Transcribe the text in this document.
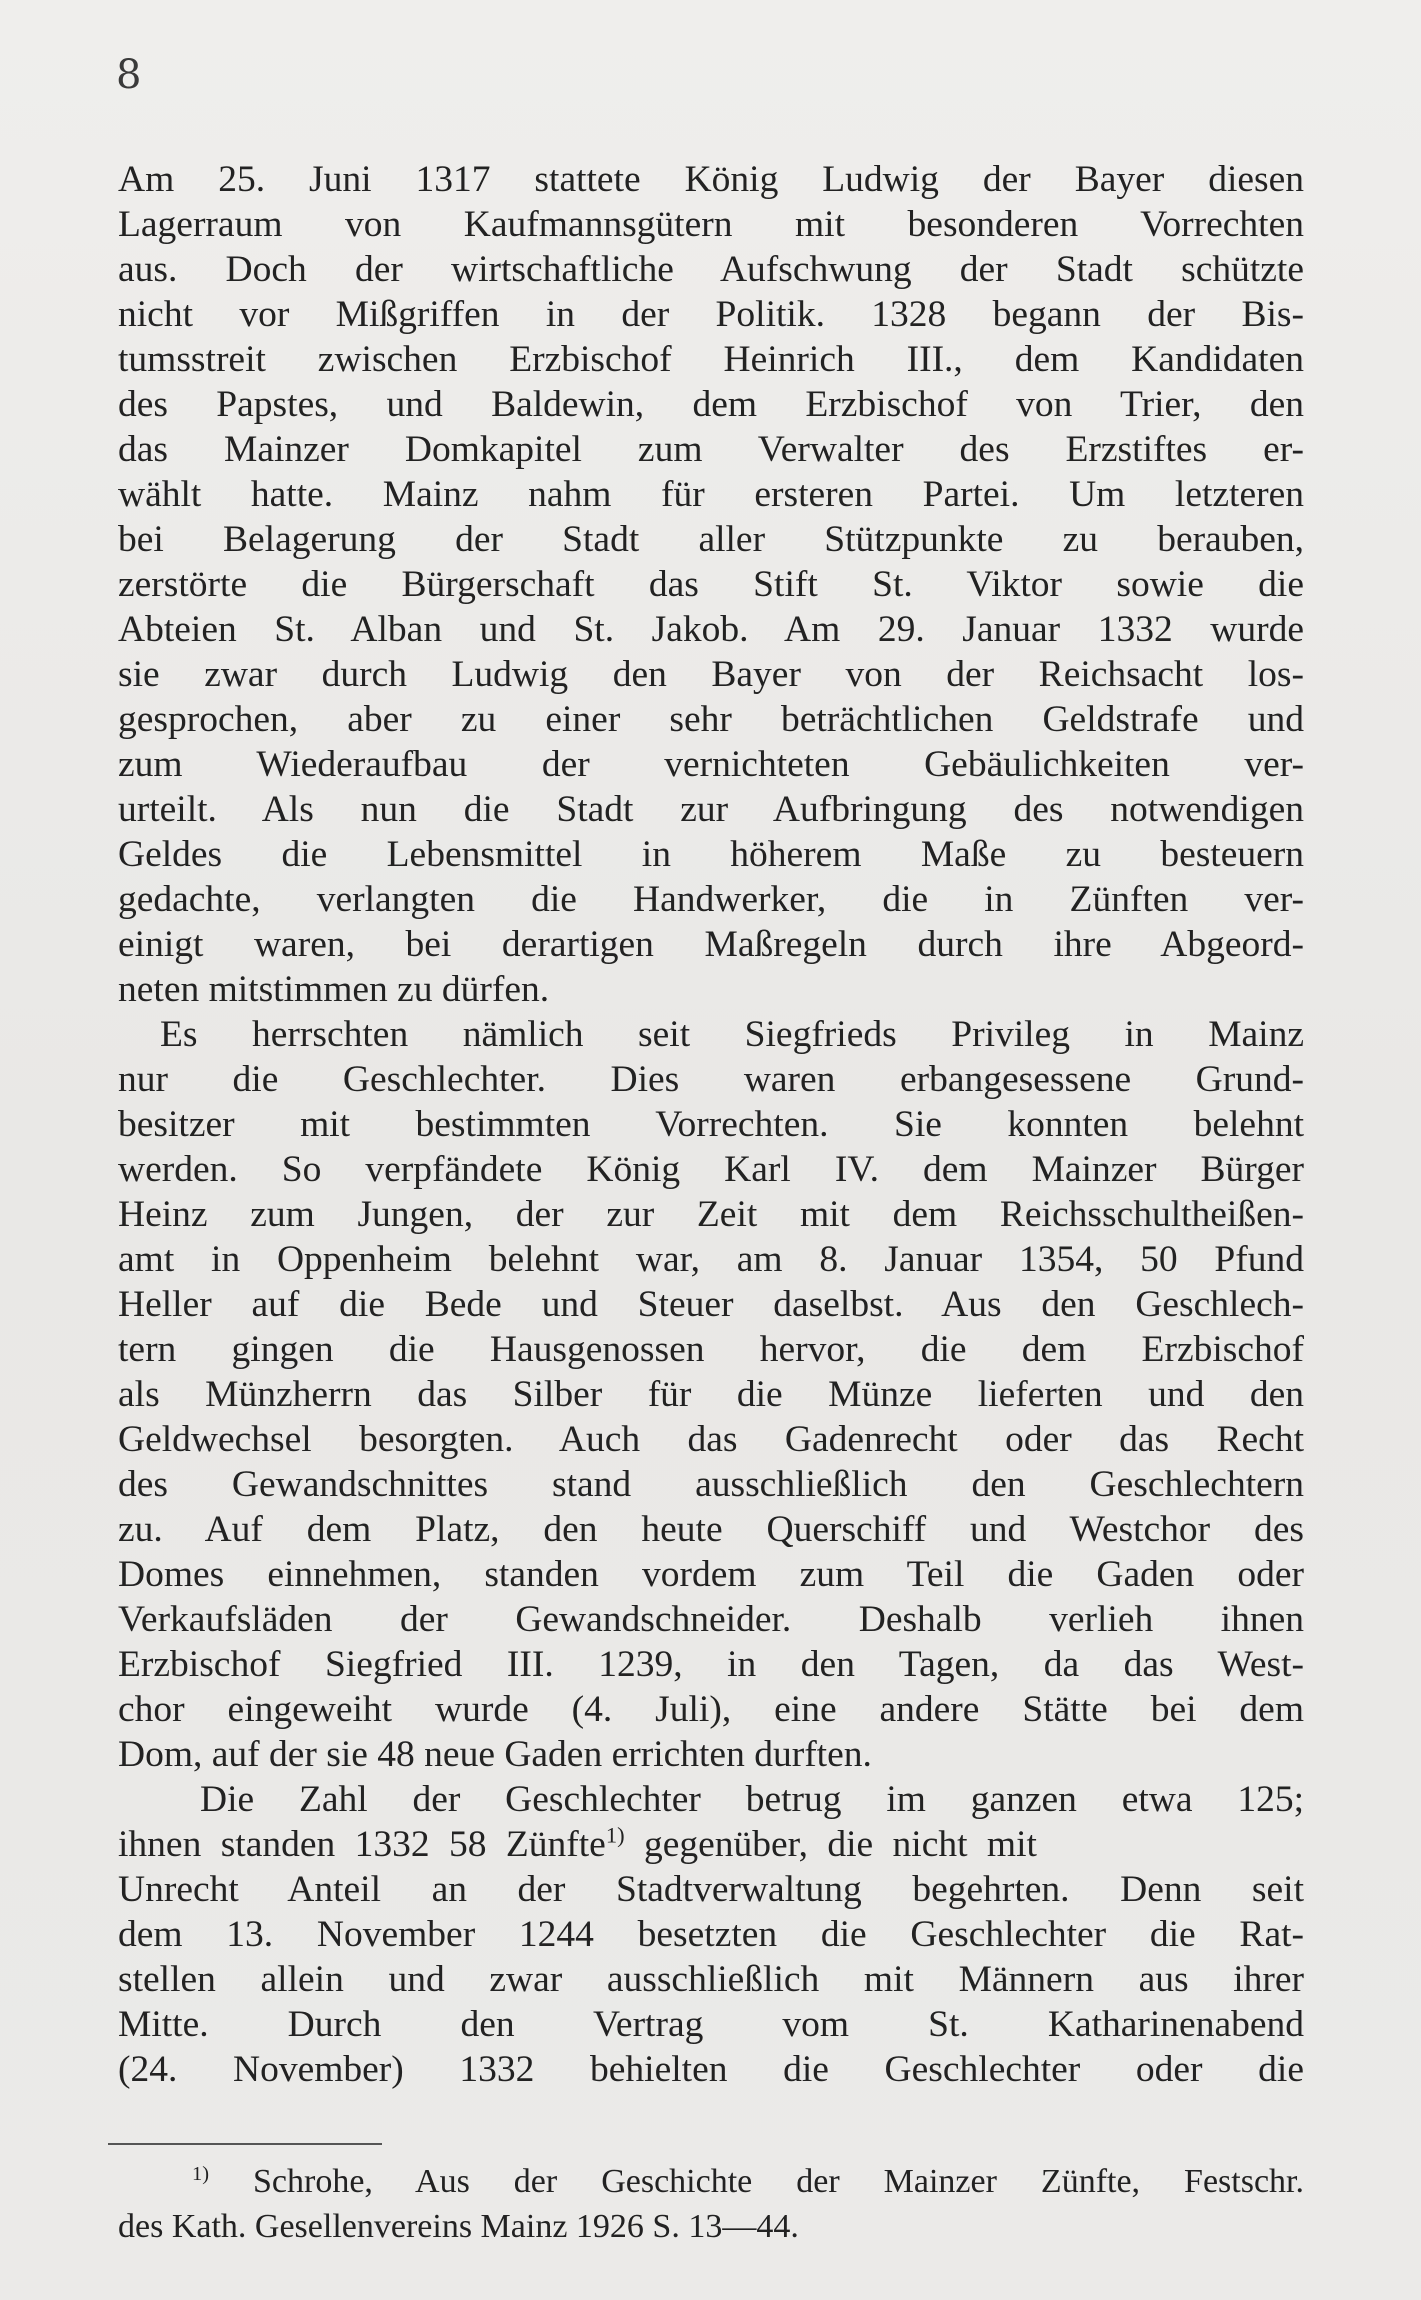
8
Am 25. Juni 1317 stattete König Ludwig der Bayer diesen
Lagerraum von Kaufmannsgütern mit besonderen Vorrechten
aus. Doch der wirtschaftliche Aufschwung der Stadt schützte
nicht vor Mißgriffen in der Politik. 1328 begann der Bis-
tumsstreit zwischen Erzbischof Heinrich III., dem Kandidaten
des Papstes, und Baldewin, dem Erzbischof von Trier, den
das Mainzer Domkapitel zum Verwalter des Erzstiftes er-
wählt hatte. Mainz nahm für ersteren Partei. Um letzteren
bei Belagerung der Stadt aller Stützpunkte zu berauben,
zerstörte die Bürgerschaft das Stift St. Viktor sowie die
Abteien St. Alban und St. Jakob. Am 29. Januar 1332 wurde
sie zwar durch Ludwig den Bayer von der Reichsacht los-
gesprochen, aber zu einer sehr beträchtlichen Geldstrafe und
zum Wiederaufbau der vernichteten Gebäulichkeiten ver-
urteilt. Als nun die Stadt zur Aufbringung des notwendigen
Geldes die Lebensmittel in höherem Maße zu besteuern
gedachte, verlangten die Handwerker, die in Zünften ver-
einigt waren, bei derartigen Maßregeln durch ihre Abgeord-
neten mitstimmen zu dürfen.
Es herrschten nämlich seit Siegfrieds Privileg in Mainz
nur die Geschlechter. Dies waren erbangesessene Grund-
besitzer mit bestimmten Vorrechten. Sie konnten belehnt
werden. So verpfändete König Karl IV. dem Mainzer Bürger
Heinz zum Jungen, der zur Zeit mit dem Reichsschultheißen-
amt in Oppenheim belehnt war, am 8. Januar 1354, 50 Pfund
Heller auf die Bede und Steuer daselbst. Aus den Geschlech-
tern gingen die Hausgenossen hervor, die dem Erzbischof
als Münzherrn das Silber für die Münze lieferten und den
Geldwechsel besorgten. Auch das Gadenrecht oder das Recht
des Gewandschnittes stand ausschließlich den Geschlechtern
zu. Auf dem Platz, den heute Querschiff und Westchor des
Domes einnehmen, standen vordem zum Teil die Gaden oder
Verkaufsläden der Gewandschneider. Deshalb verlieh ihnen
Erzbischof Siegfried III. 1239, in den Tagen, da das West-
chor eingeweiht wurde (4. Juli), eine andere Stätte bei dem
Dom, auf der sie 48 neue Gaden errichten durften.
Die Zahl der Geschlechter betrug im ganzen etwa 125;
ihnen standen 1332 58 Zünfte$^{1)}$ gegenüber, die nicht mit
Unrecht Anteil an der Stadtverwaltung begehrten. Denn seit
dem 13. November 1244 besetzten die Geschlechter die Rat-
stellen allein und zwar ausschließlich mit Männern aus ihrer
Mitte. Durch den Vertrag vom St. Katharinenabend
(24. November) 1332 behielten die Geschlechter oder die
$^{1)}$ Schrohe, Aus der Geschichte der Mainzer Zünfte, Festschr.
des Kath. Gesellenvereins Mainz 1926 S. 13—44.
